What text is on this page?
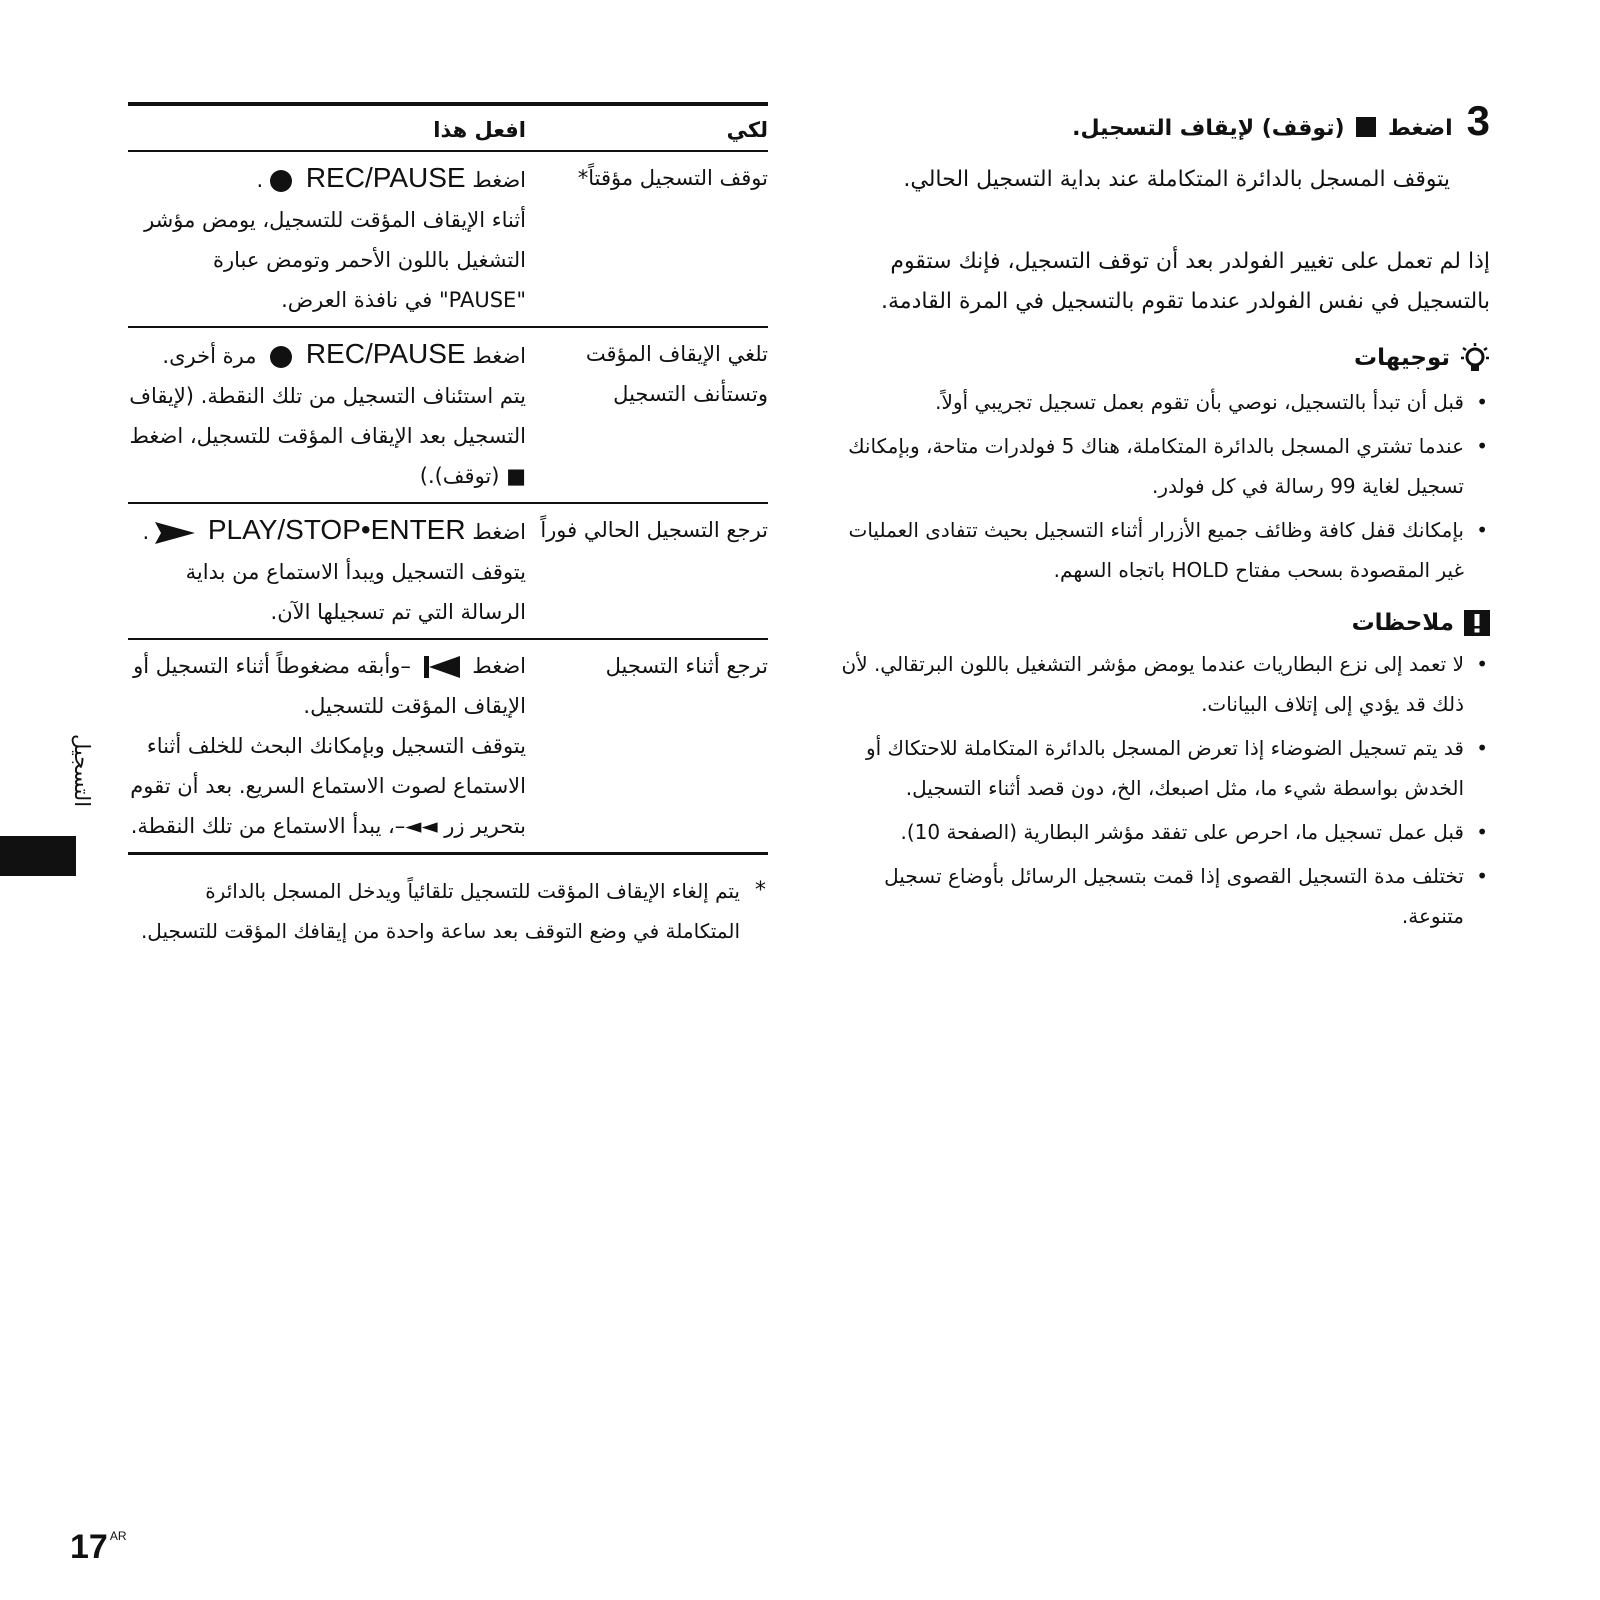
3
اضغط  (توقف) لإيقاف التسجيل.
يتوقف المسجل بالدائرة المتكاملة عند بداية التسجيل الحالي.
إذا لم تعمل على تغيير الفولدر بعد أن توقف التسجيل، فإنك ستقوم بالتسجيل في نفس الفولدر عندما تقوم بالتسجيل في المرة القادمة.
توجيهات
• قبل أن تبدأ بالتسجيل، نوصي بأن تقوم بعمل تسجيل تجريبي أولاً.
• عندما تشتري المسجل بالدائرة المتكاملة، هناك 5 فولدرات متاحة، وبإمكانك تسجيل لغاية 99 رسالة في كل فولدر.
• بإمكانك قفل كافة وظائف جميع الأزرار أثناء التسجيل بحيث تتفادى العمليات غير المقصودة بسحب مفتاح HOLD باتجاه السهم.
ملاحظات
• لا تعمد إلى نزع البطاريات عندما يومض مؤشر التشغيل باللون البرتقالي. لأن ذلك قد يؤدي إلى إتلاف البيانات.
• قد يتم تسجيل الضوضاء إذا تعرض المسجل بالدائرة المتكاملة للاحتكاك أو الخدش بواسطة شيء ما، مثل اصبعك، الخ، دون قصد أثناء التسجيل.
• قبل عمل تسجيل ما، احرص على تفقد مؤشر البطارية (الصفحة 10).
• تختلف مدة التسجيل القصوى إذا قمت بتسجيل الرسائل بأوضاع تسجيل متنوعة.
لكي	افعل هذا
توقف التسجيل مؤقتاً*	اضغط REC/PAUSE .
أثناء الإيقاف المؤقت للتسجيل، يومض مؤشر التشغيل باللون الأحمر وتومض عبارة "PAUSE" في نافذة العرض.

تلغي الإيقاف المؤقت وتستأنف التسجيل	اضغط REC/PAUSE  مرة أخرى.
يتم استئناف التسجيل من تلك النقطة. (لإيقاف التسجيل بعد الإيقاف المؤقت للتسجيل، اضغط ■ (توقف).)

ترجع التسجيل الحالي فوراً	اضغط PLAY/STOP•ENTER .
يتوقف التسجيل ويبدأ الاستماع من بداية الرسالة التي تم تسجيلها الآن.

ترجع أثناء التسجيل	اضغط  –وأبقه مضغوطاً أثناء التسجيل أو الإيقاف المؤقت للتسجيل.
يتوقف التسجيل وبإمكانك البحث للخلف أثناء الاستماع لصوت الاستماع السريع. بعد أن تقوم بتحرير زر ◄◄–، يبدأ الاستماع من تلك النقطة.
*
يتم إلغاء الإيقاف المؤقت للتسجيل تلقائياً ويدخل المسجل بالدائرة المتكاملة في وضع التوقف بعد ساعة واحدة من إيقافك المؤقت للتسجيل.
التسجيل
17 $^{AR}$
